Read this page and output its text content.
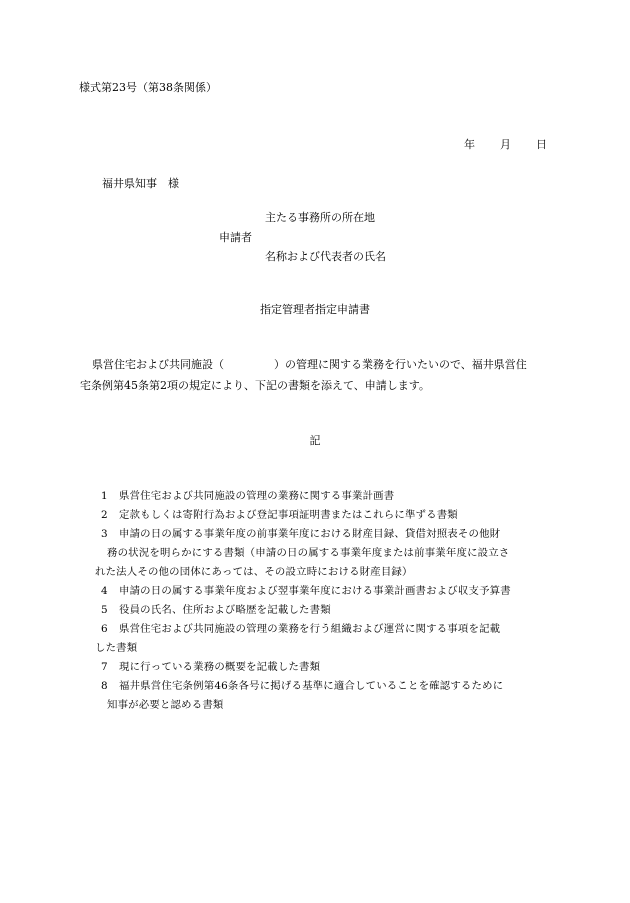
様式第23号（第38条関係）
年 月 日
福井県知事　様
主たる事務所の所在地
申請者
名称および代表者の氏名
指定管理者指定申請書
県営住宅および共同施設（	）の管理に関する業務を行いたいので、福井県営住
宅条例第45条第2項の規定により、下記の書類を添えて、申請します。
記
1 県営住宅および共同施設の管理の業務に関する事業計画書
2 定款もしくは寄附行為および登記事項証明書またはこれらに準ずる書類
3 申請の日の属する事業年度の前事業年度における財産目録、貸借対照表その他財
務の状況を明らかにする書類（申請の日の属する事業年度または前事業年度に設立さ
れた法人その他の団体にあっては、その設立時における財産目録）
4 申請の日の属する事業年度および翌事業年度における事業計画書および収支予算書
5 役員の氏名、住所および略歴を記載した書類
6 県営住宅および共同施設の管理の業務を行う組織および運営に関する事項を記載
した書類
7 現に行っている業務の概要を記載した書類
8 福井県営住宅条例第46条各号に掲げる基準に適合していることを確認するために
知事が必要と認める書類
